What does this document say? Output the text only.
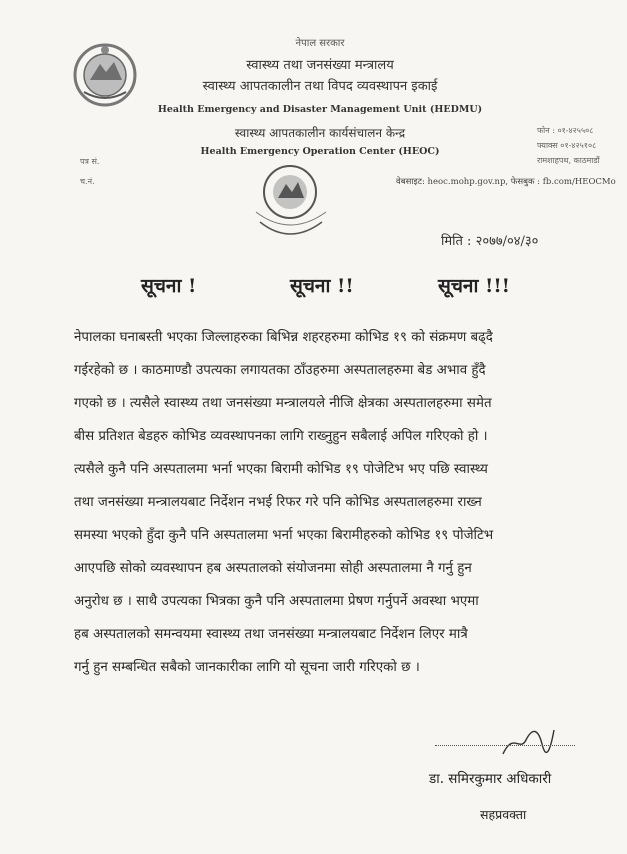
नेपाल सरकार
स्वास्थ्य तथा जनसंख्या मन्त्रालय
स्वास्थ्य आपतकालीन तथा विपद व्यवस्थापन इकाई
Health Emergency and Disaster Management Unit (HEDMU)
स्वास्थ्य आपतकालीन कार्यसंचालन केन्द्र
Health Emergency Operation Center (HEOC)
फोन : ०१-४२५५०८
फ्याक्स ०१-४२५१०८
रामशाहपथ, काठमाडौं
पत्र सं.
च.नं.	वेबसाइट: heoc.mohp.gov.np, फेसबुक : fb.com/HEOCMo
मिति : २०७७/०४/३०
सूचना !	सूचना !!	सूचना !!!
नेपालका घनाबस्ती भएका जिल्लाहरुका बिभिन्न शहरहरुमा कोभिड १९ को संक्रमण बढ्दै
गईरहेको छ । काठमाण्डौ उपत्यका लगायतका ठाँउहरुमा अस्पतालहरुमा बेड अभाव हुँदै
गएको छ । त्यसैले स्वास्थ्य तथा जनसंख्या मन्त्रालयले नीजि क्षेत्रका अस्पतालहरुमा समेत
बीस प्रतिशत बेडहरु कोभिड व्यवस्थापनका लागि राख्नुहुन सबैलाई अपिल गरिएको हो ।
त्यसैले कुनै पनि अस्पतालमा भर्ना भएका बिरामी कोभिड १९ पोजेटिभ भए पछि स्वास्थ्य
तथा जनसंख्या मन्त्रालयबाट निर्देशन नभई रिफर गरे पनि कोभिड अस्पतालहरुमा राख्न
समस्या भएको हुँदा कुनै पनि अस्पतालमा भर्ना भएका बिरामीहरुको कोभिड १९ पोजेटिभ
आएपछि सोको व्यवस्थापन हब अस्पतालको संयोजनमा सोही अस्पतालमा नै गर्नु हुन
अनुरोध छ । साथै उपत्यका भित्रका कुनै पनि अस्पतालमा प्रेषण गर्नुपर्ने अवस्था भएमा
हब अस्पतालको समन्वयमा स्वास्थ्य तथा जनसंख्या मन्त्रालयबाट निर्देशन लिएर मात्रै
गर्नु हुन सम्बन्धित सबैको जानकारीका लागि यो सूचना जारी गरिएको छ ।
डा. समिरकुमार अधिकारी
सहप्रवक्ता
